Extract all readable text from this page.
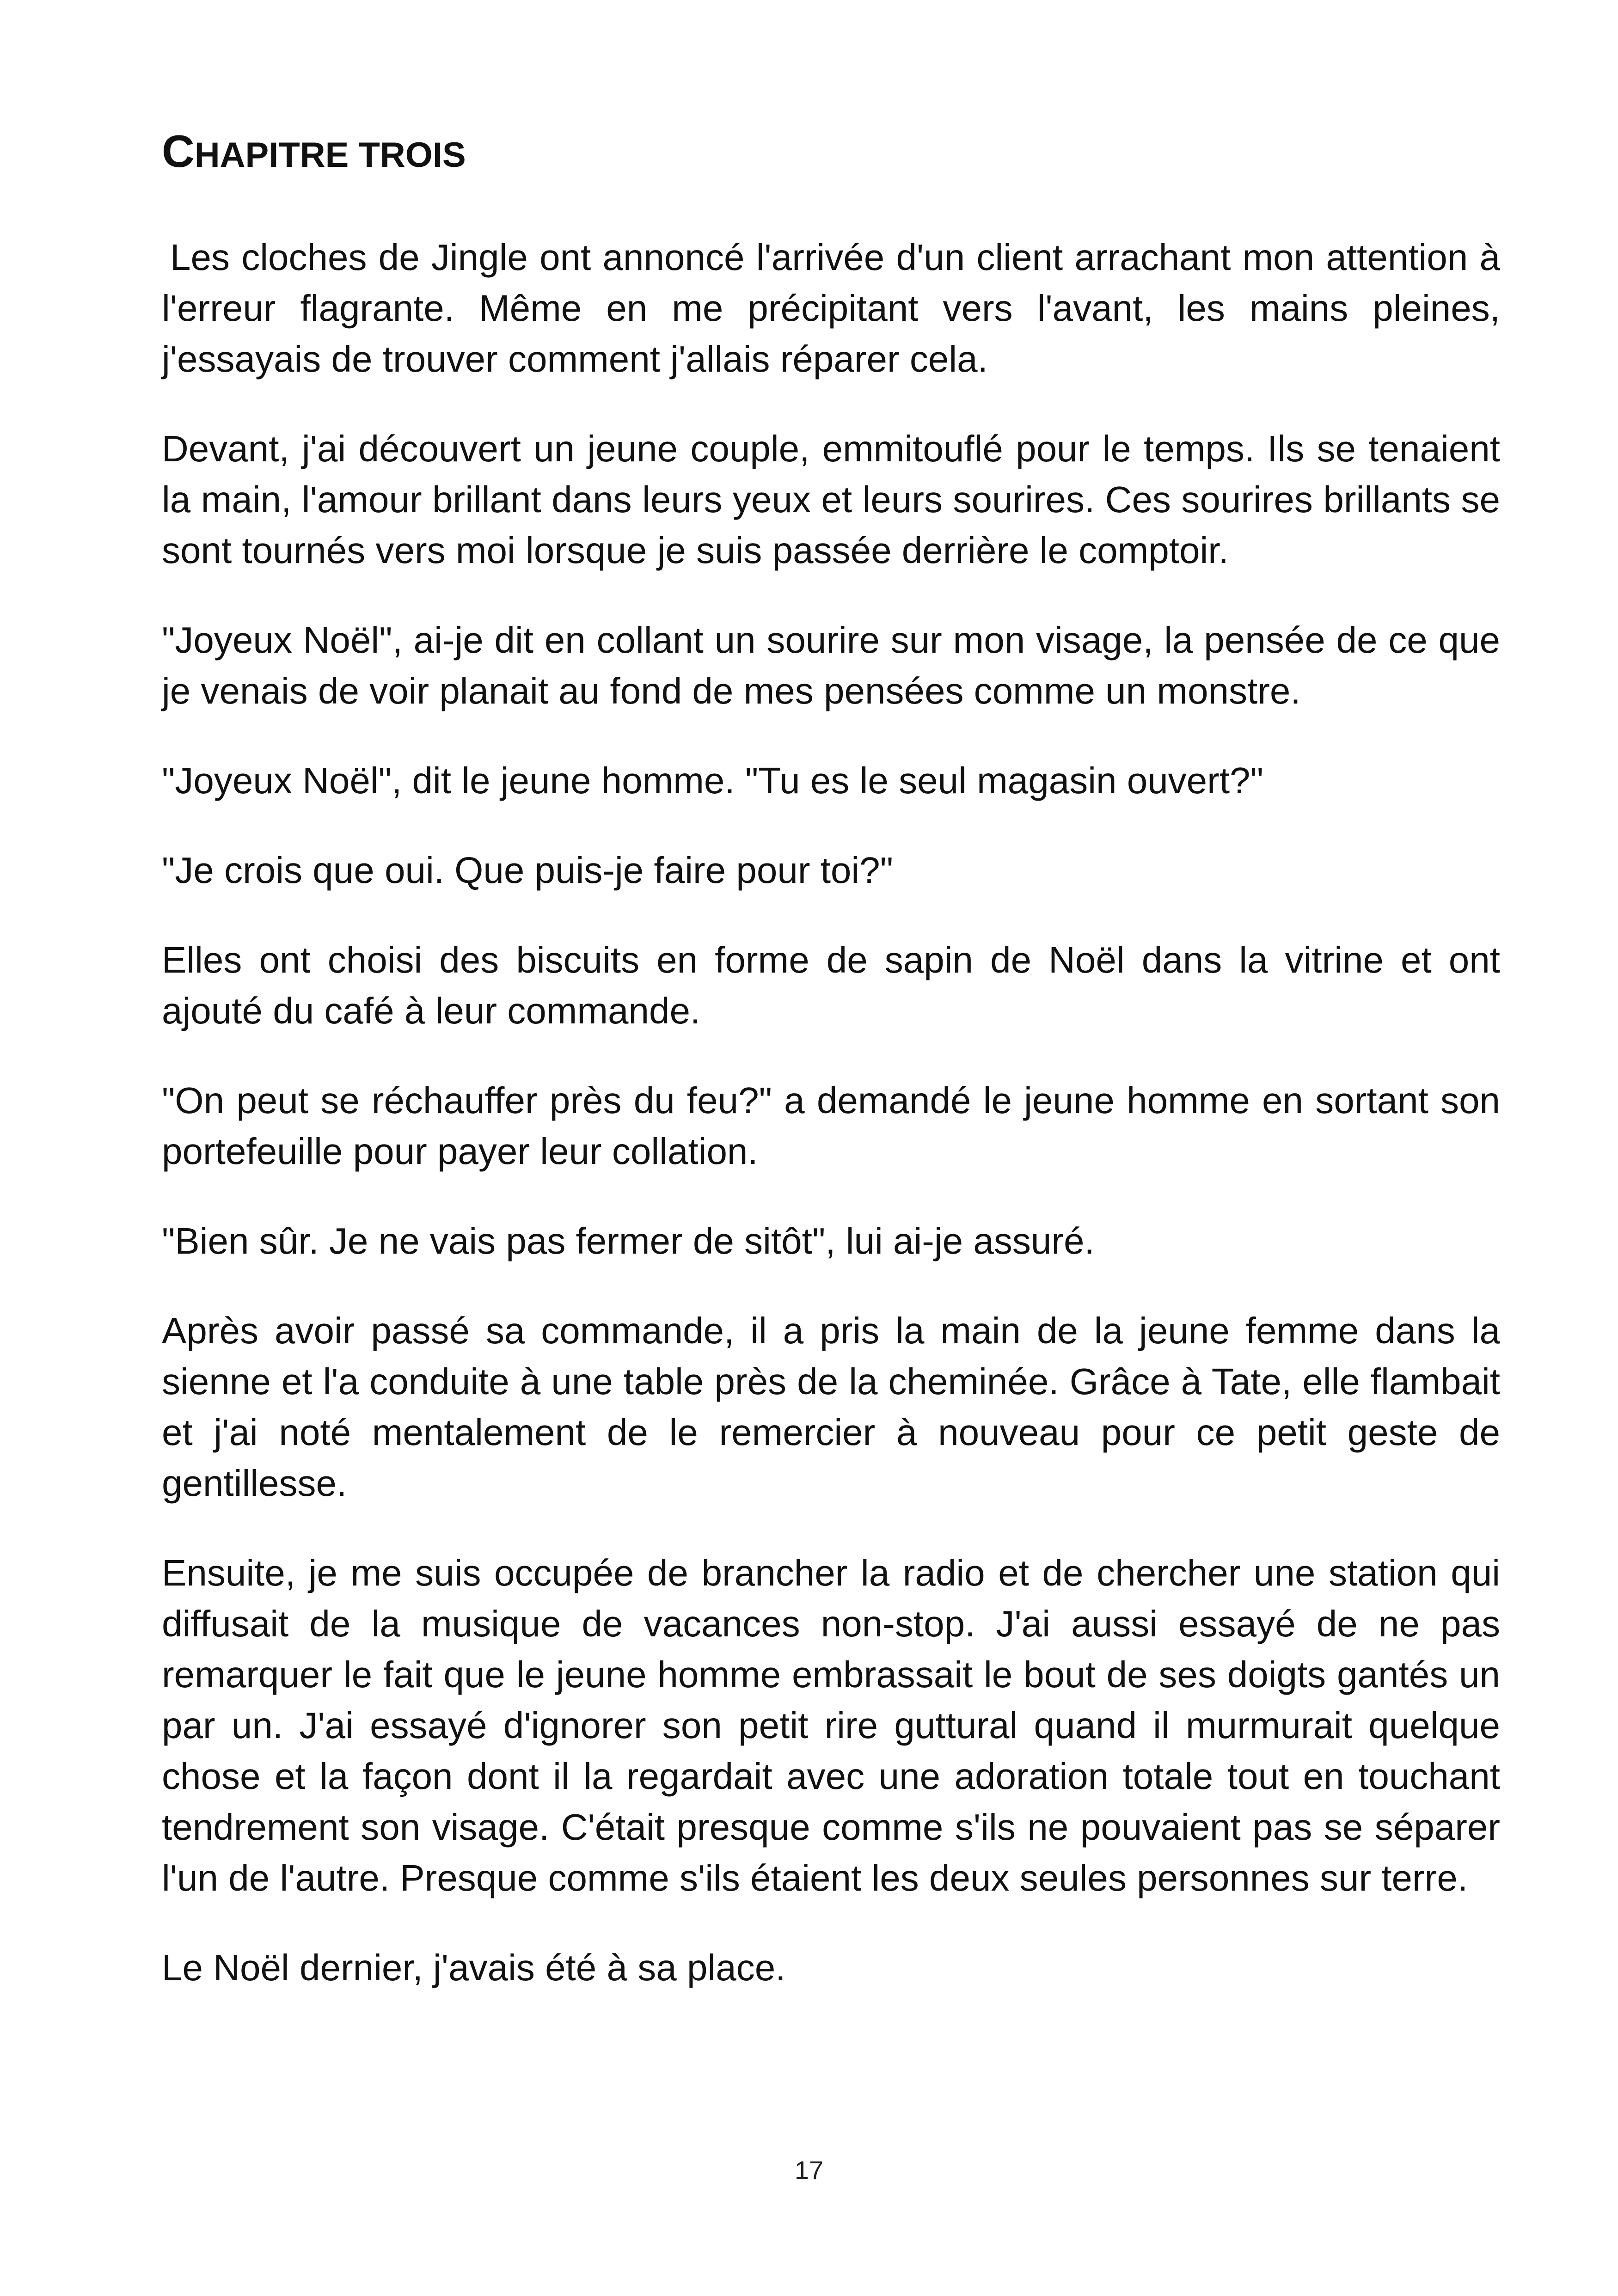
CHAPITRE TROIS

Les cloches de Jingle ont annoncé l'arrivée d'un client arrachant mon attention à l'erreur flagrante. Même en me précipitant vers l'avant, les mains pleines, j'essayais de trouver comment j'allais réparer cela.

Devant, j'ai découvert un jeune couple, emmitouflé pour le temps. Ils se tenaient la main, l'amour brillant dans leurs yeux et leurs sourires. Ces sourires brillants se sont tournés vers moi lorsque je suis passée derrière le comptoir.

"Joyeux Noël", ai-je dit en collant un sourire sur mon visage, la pensée de ce que je venais de voir planait au fond de mes pensées comme un monstre.

"Joyeux Noël", dit le jeune homme. "Tu es le seul magasin ouvert?"

"Je crois que oui. Que puis-je faire pour toi?"

Elles ont choisi des biscuits en forme de sapin de Noël dans la vitrine et ont ajouté du café à leur commande.

"On peut se réchauffer près du feu?" a demandé le jeune homme en sortant son portefeuille pour payer leur collation.

"Bien sûr. Je ne vais pas fermer de sitôt", lui ai-je assuré.

Après avoir passé sa commande, il a pris la main de la jeune femme dans la sienne et l'a conduite à une table près de la cheminée. Grâce à Tate, elle flambait et j'ai noté mentalement de le remercier à nouveau pour ce petit geste de gentillesse.

Ensuite, je me suis occupée de brancher la radio et de chercher une station qui diffusait de la musique de vacances non-stop. J'ai aussi essayé de ne pas remarquer le fait que le jeune homme embrassait le bout de ses doigts gantés un par un. J'ai essayé d'ignorer son petit rire guttural quand il murmurait quelque chose et la façon dont il la regardait avec une adoration totale tout en touchant tendrement son visage. C'était presque comme s'ils ne pouvaient pas se séparer l'un de l'autre. Presque comme s'ils étaient les deux seules personnes sur terre.

Le Noël dernier, j'avais été à sa place.

17
